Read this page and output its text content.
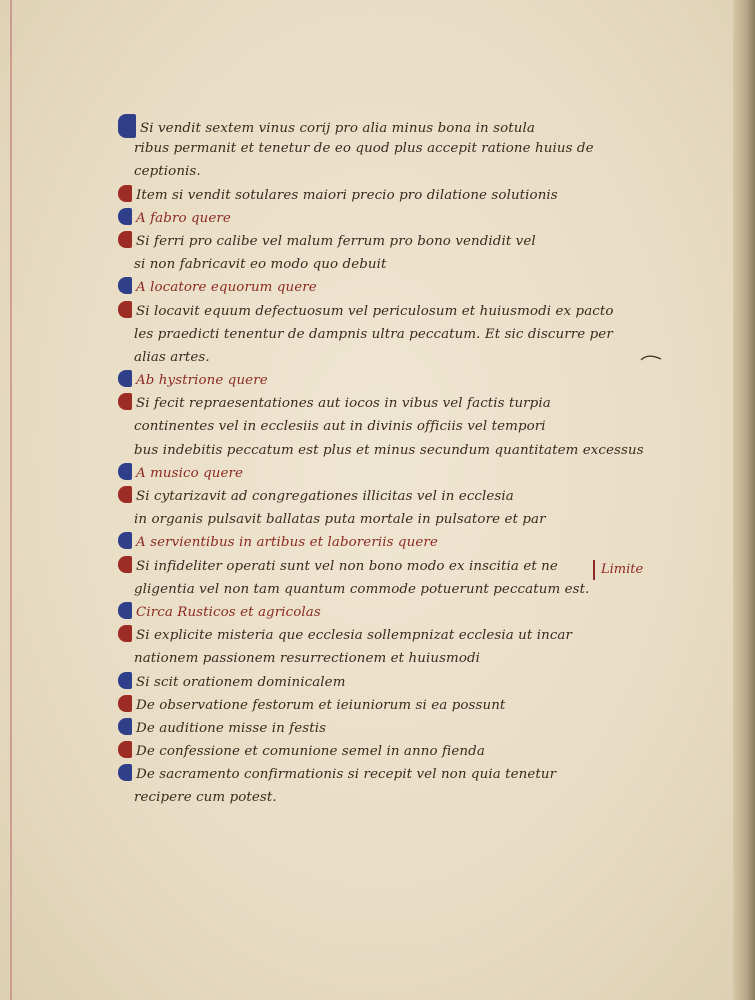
Si vendit sextem vinus corij pro alia minus bona in sotula
ribus permanit et tenetur de eo quod plus accepit ratione huius de
ceptionis.
Item si vendit sotulares maiori precio pro dilatione solutionis
A fabro quere
Si ferri pro calibe vel malum ferrum pro bono vendidit vel
si non fabricavit eo modo quo debuit
A locatore equorum quere
Si locavit equum defectuosum vel periculosum et huiusmodi ex pacto
les praedicti tenentur de dampnis ultra peccatum. Et sic discurre per
alias artes.
Ab hystrione quere
Si fecit repraesentationes aut iocos in vibus vel factis turpia
continentes vel in ecclesiis aut in divinis officiis vel tempori
bus indebitis peccatum est plus et minus secundum quantitatem excessus
A musico quere
Si cytarizavit ad congregationes illicitas vel in ecclesia
in organis pulsavit ballatas puta mortale in pulsatore et par
A servientibus in artibus et laboreriis quere
Si infideliter operati sunt vel non bono modo ex inscitia et ne
gligentia vel non tam quantum commode potuerunt peccatum est.
Circa Rusticos et agricolas
Si explicite misteria que ecclesia sollempnizat ecclesia ut incar
nationem passionem resurrectionem et huiusmodi
Si scit orationem dominicalem
De observatione festorum et ieiuniorum si ea possunt
De auditione misse in festis
De confessione et comunione semel in anno fienda
De sacramento confirmationis si recepit vel non quia tenetur
recipere cum potest.
Limite
